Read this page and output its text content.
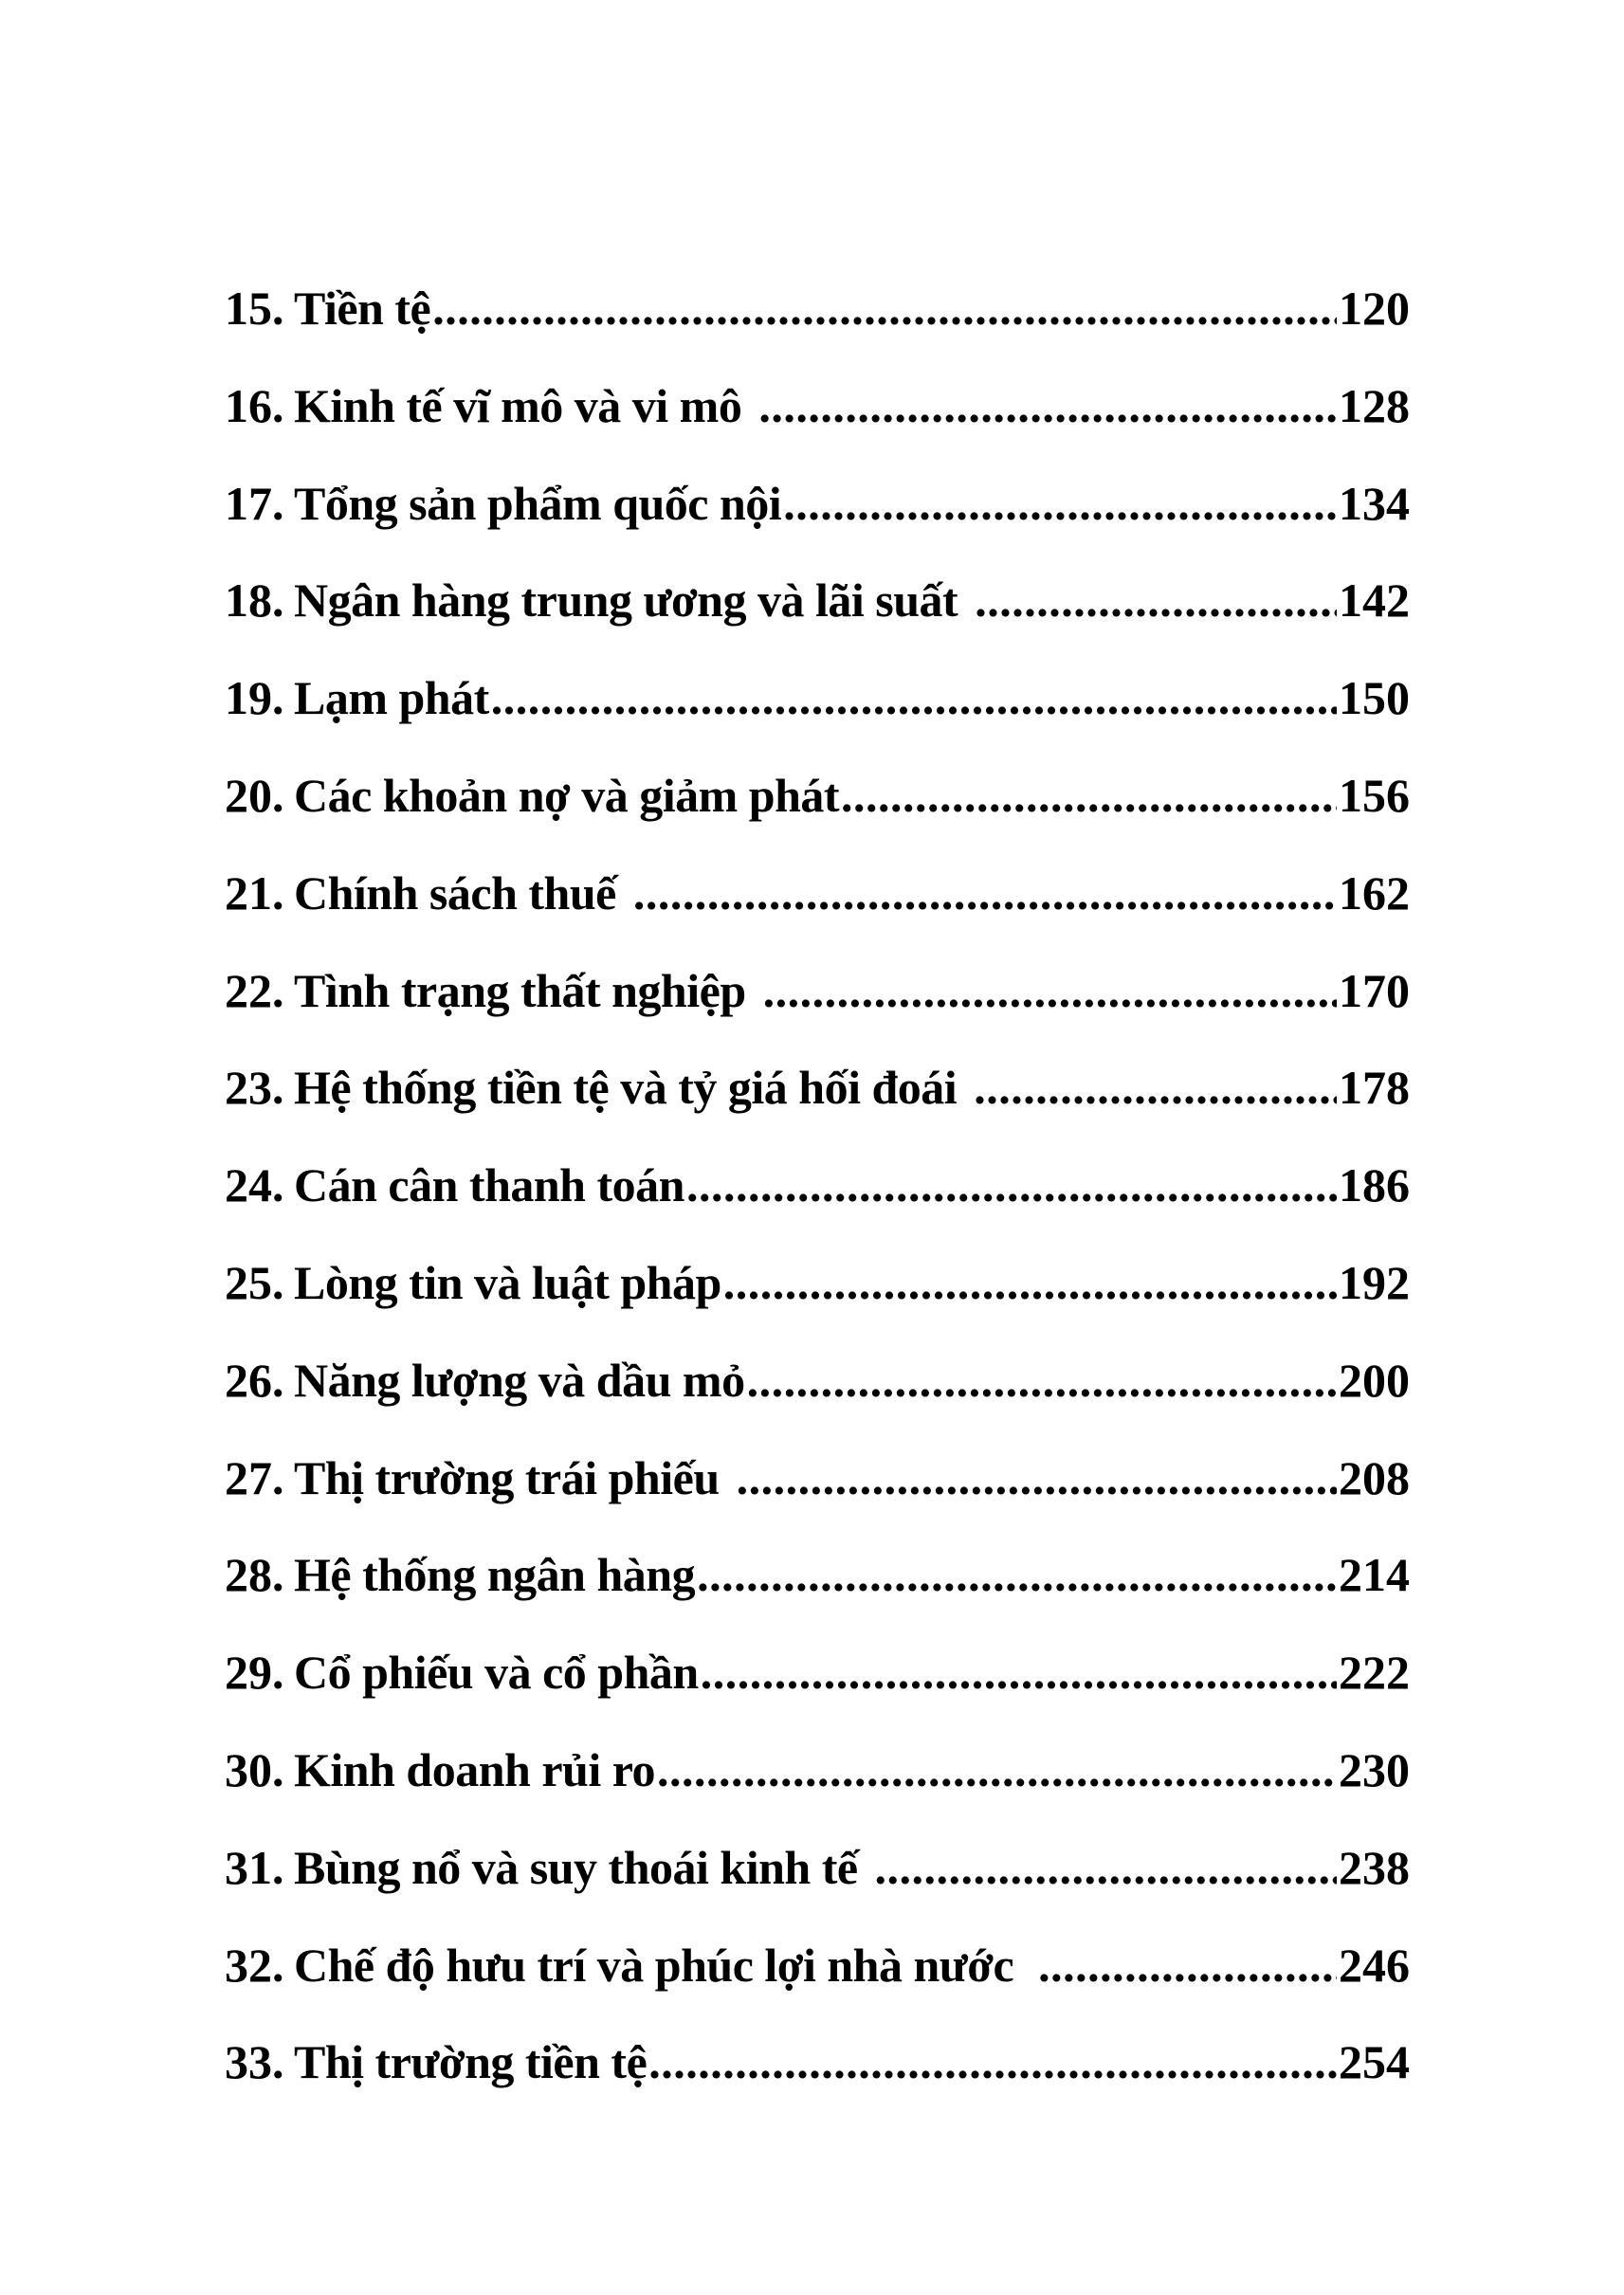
15. Tiền tệ .....	120
16. Kinh tế vĩ mô và vi mô .....	128
17. Tổng sản phẩm quốc nội .....	134
18. Ngân hàng trung ương và lãi suất .....	142
19. Lạm phát .....	150
20. Các khoản nợ và giảm phát .....	156
21. Chính sách thuế .....	162
22. Tình trạng thất nghiệp .....	170
23. Hệ thống tiền tệ và tỷ giá hối đoái .....	178
24. Cán cân thanh toán .....	186
25. Lòng tin và luật pháp .....	192
26. Năng lượng và dầu mỏ .....	200
27. Thị trường trái phiếu .....	208
28. Hệ thống ngân hàng .....	214
29. Cổ phiếu và cổ phần .....	222
30. Kinh doanh rủi ro .....	230
31. Bùng nổ và suy thoái kinh tế .....	238
32. Chế độ hưu trí và phúc lợi nhà nước .....	246
33. Thị trường tiền tệ .....	254
